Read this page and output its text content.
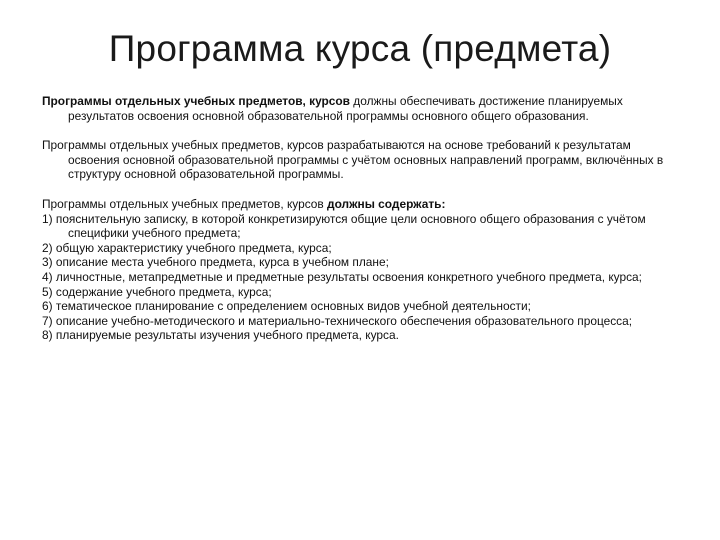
Программа курса (предмета)

Программы отдельных учебных предметов, курсов должны обеспечивать достижение планируемых результатов освоения основной образовательной программы основного общего образования.

Программы отдельных учебных предметов, курсов разрабатываются на основе требований к результатам освоения основной образовательной программы с учётом основных направлений программ, включённых в структуру основной образовательной программы.

Программы отдельных учебных предметов, курсов должны содержать:

1) пояснительную записку, в которой конкретизируются общие цели основного общего образования с учётом специфики учебного предмета;

2) общую характеристику учебного предмета, курса;

3) описание места учебного предмета, курса в учебном плане;

4) личностные, метапредметные и предметные результаты освоения конкретного учебного предмета, курса;

5) содержание учебного предмета, курса;

6) тематическое планирование с определением основных видов учебной деятельности;

7) описание учебно-методического и материально-технического обеспечения образовательного процесса;

8) планируемые результаты изучения учебного предмета, курса.
